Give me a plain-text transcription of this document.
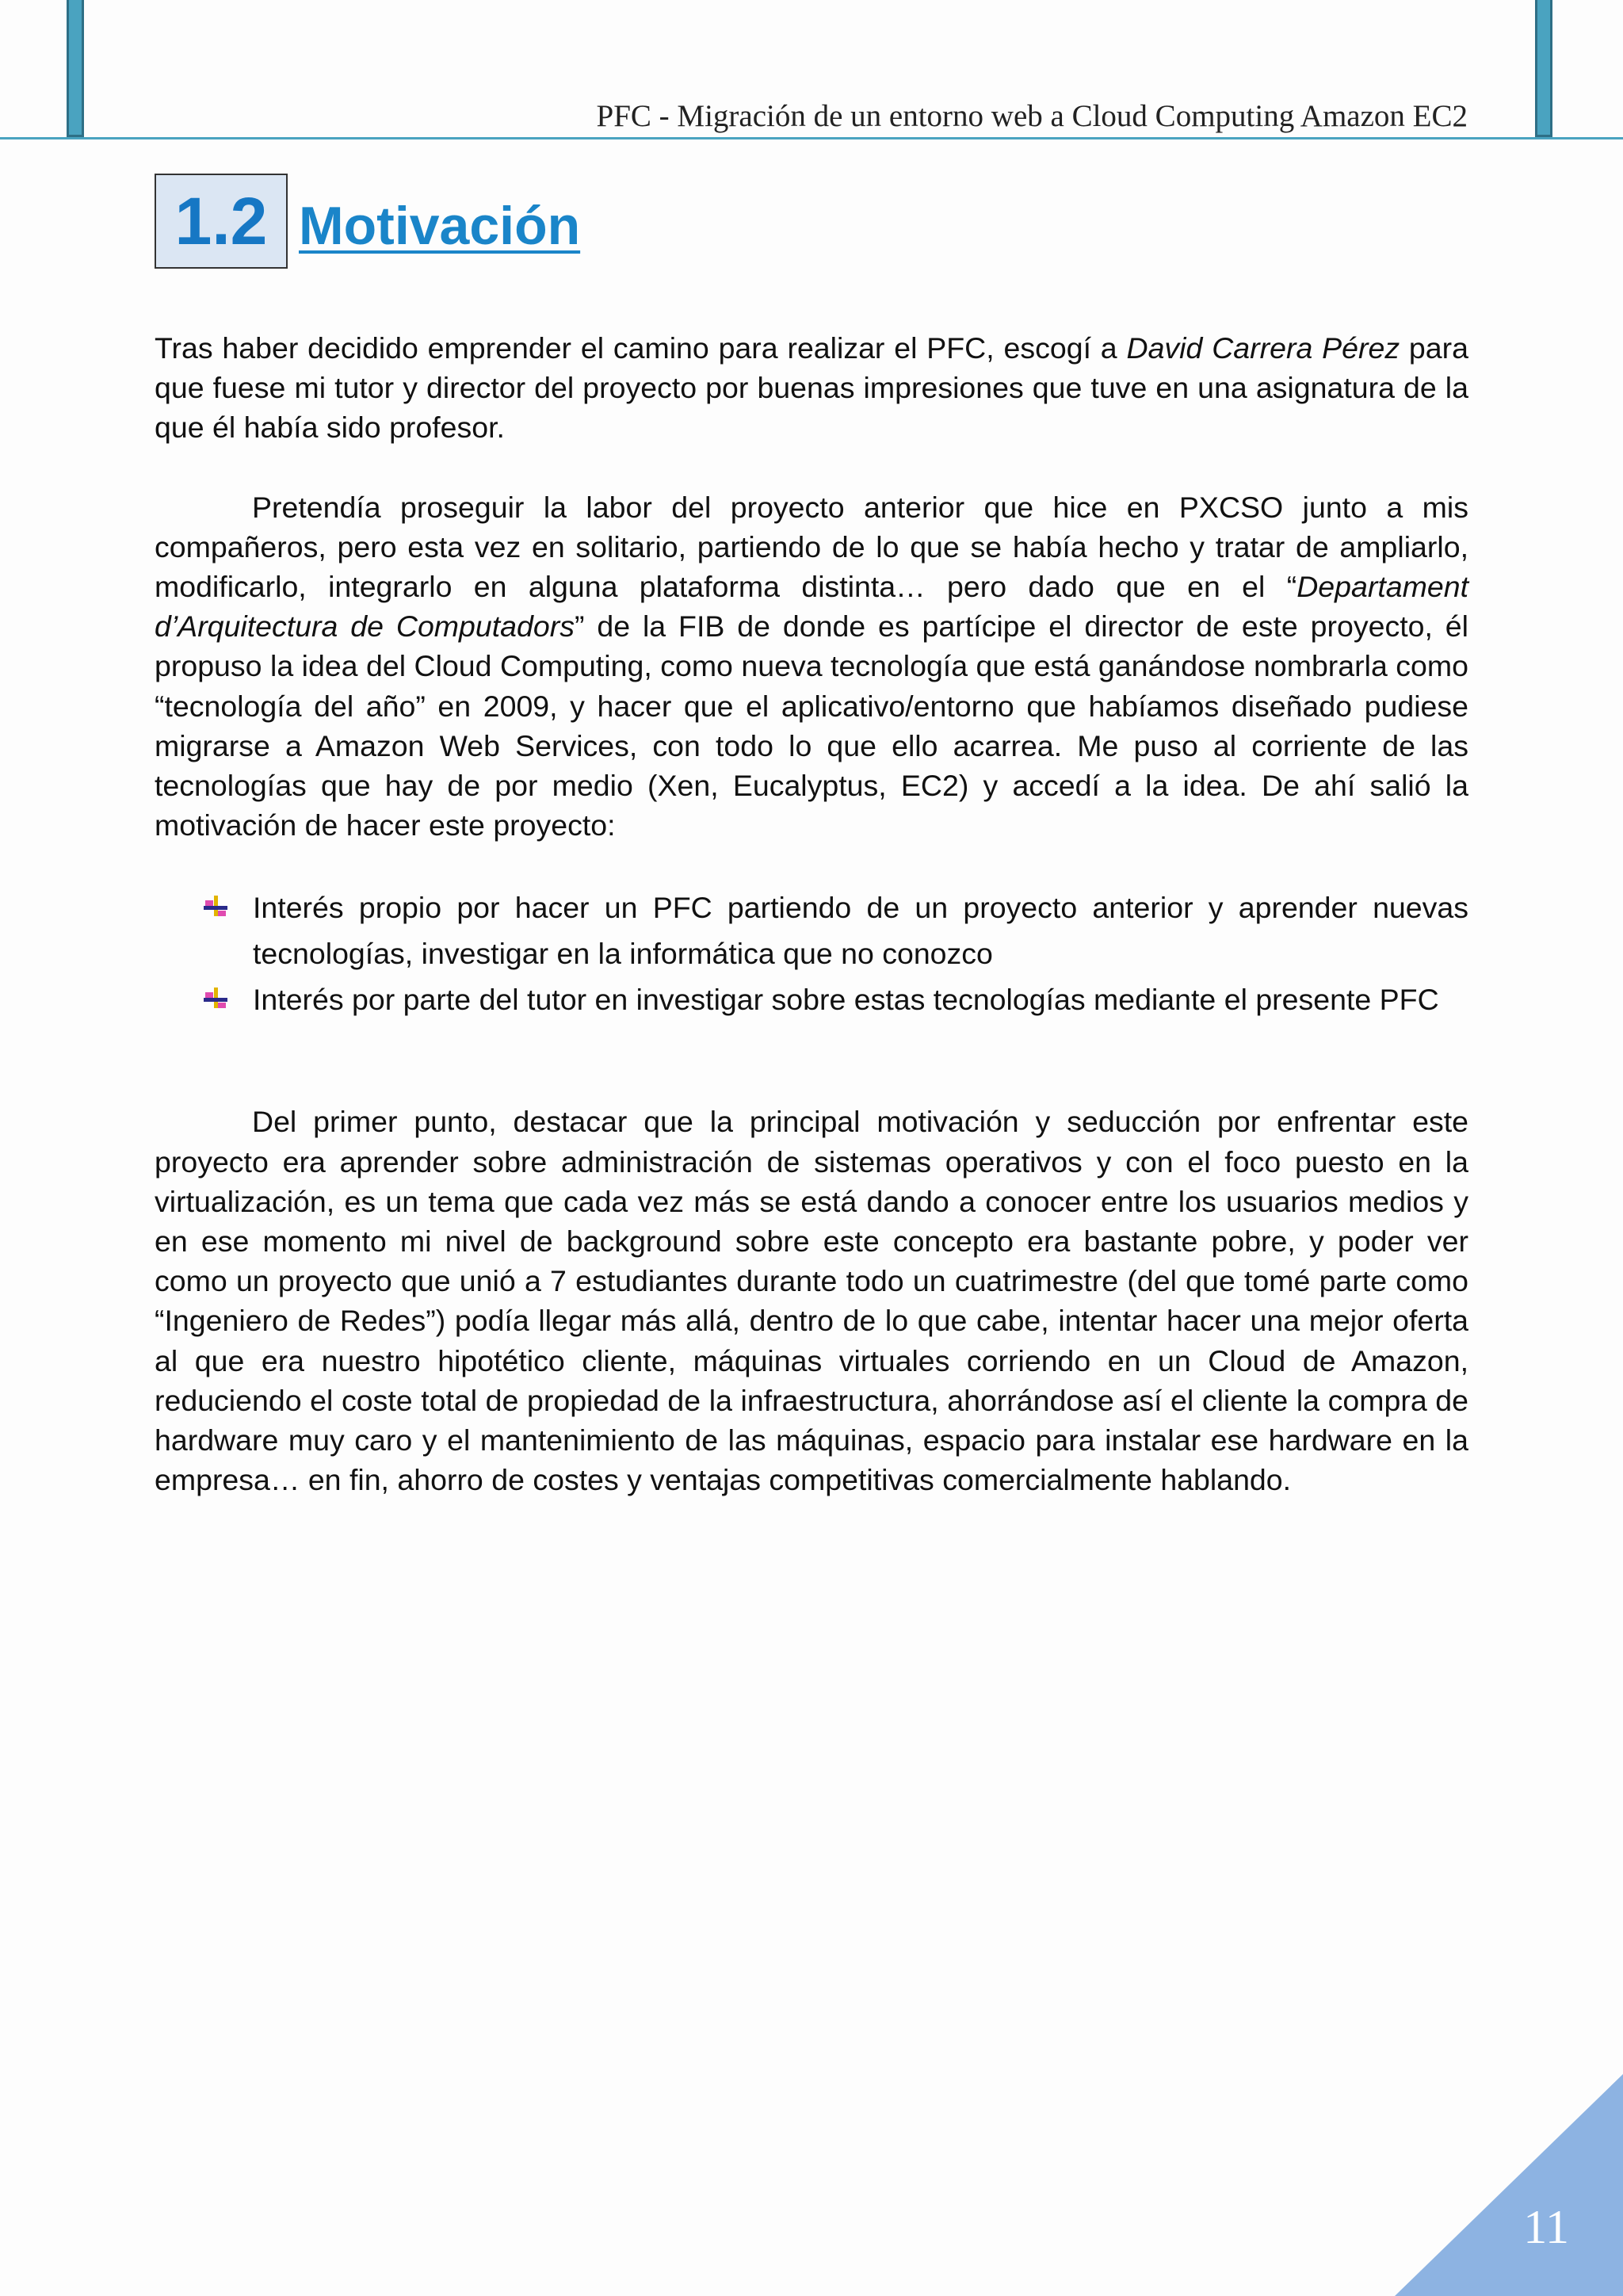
PFC - Migración de un entorno web a Cloud Computing Amazon EC2
1.2 Motivación

Tras haber decidido emprender el camino para realizar el PFC, escogí a David Carrera Pérez para que fuese mi tutor y director del proyecto por buenas impresiones que tuve en una asignatura de la que él había sido profesor.

Pretendía proseguir la labor del proyecto anterior que hice en PXCSO junto a mis compañeros, pero esta vez en solitario, partiendo de lo que se había hecho y tratar de ampliarlo, modificarlo, integrarlo en alguna plataforma distinta… pero dado que en el “Departament d’Arquitectura de Computadors” de la FIB de donde es partícipe el director de este proyecto, él propuso la idea del Cloud Computing, como nueva tecnología que está ganándose nombrarla como “tecnología del año” en 2009, y hacer que el aplicativo/entorno que habíamos diseñado pudiese migrarse a Amazon Web Services, con todo lo que ello acarrea. Me puso al corriente de las tecnologías que hay de por medio (Xen, Eucalyptus, EC2) y accedí a la idea. De ahí salió la motivación de hacer este proyecto:

Interés propio por hacer un PFC partiendo de un proyecto anterior y aprender nuevas tecnologías, investigar en la informática que no conozco
Interés por parte del tutor en investigar sobre estas tecnologías mediante el presente PFC

Del primer punto, destacar que la principal motivación y seducción por enfrentar este proyecto era aprender sobre administración de sistemas operativos y con el foco puesto en la virtualización, es un tema que cada vez más se está dando a conocer entre los usuarios medios y en ese momento mi nivel de background sobre este concepto era bastante pobre, y poder ver como un proyecto que unió a 7 estudiantes durante todo un cuatrimestre (del que tomé parte como “Ingeniero de Redes”) podía llegar más allá, dentro de lo que cabe, intentar hacer una mejor oferta al que era nuestro hipotético cliente, máquinas virtuales corriendo en un Cloud de Amazon, reduciendo el coste total de propiedad de la infraestructura, ahorrándose así el cliente la compra de hardware muy caro y el mantenimiento de las máquinas, espacio para instalar ese hardware en la empresa… en fin, ahorro de costes y ventajas competitivas comercialmente hablando.

11
